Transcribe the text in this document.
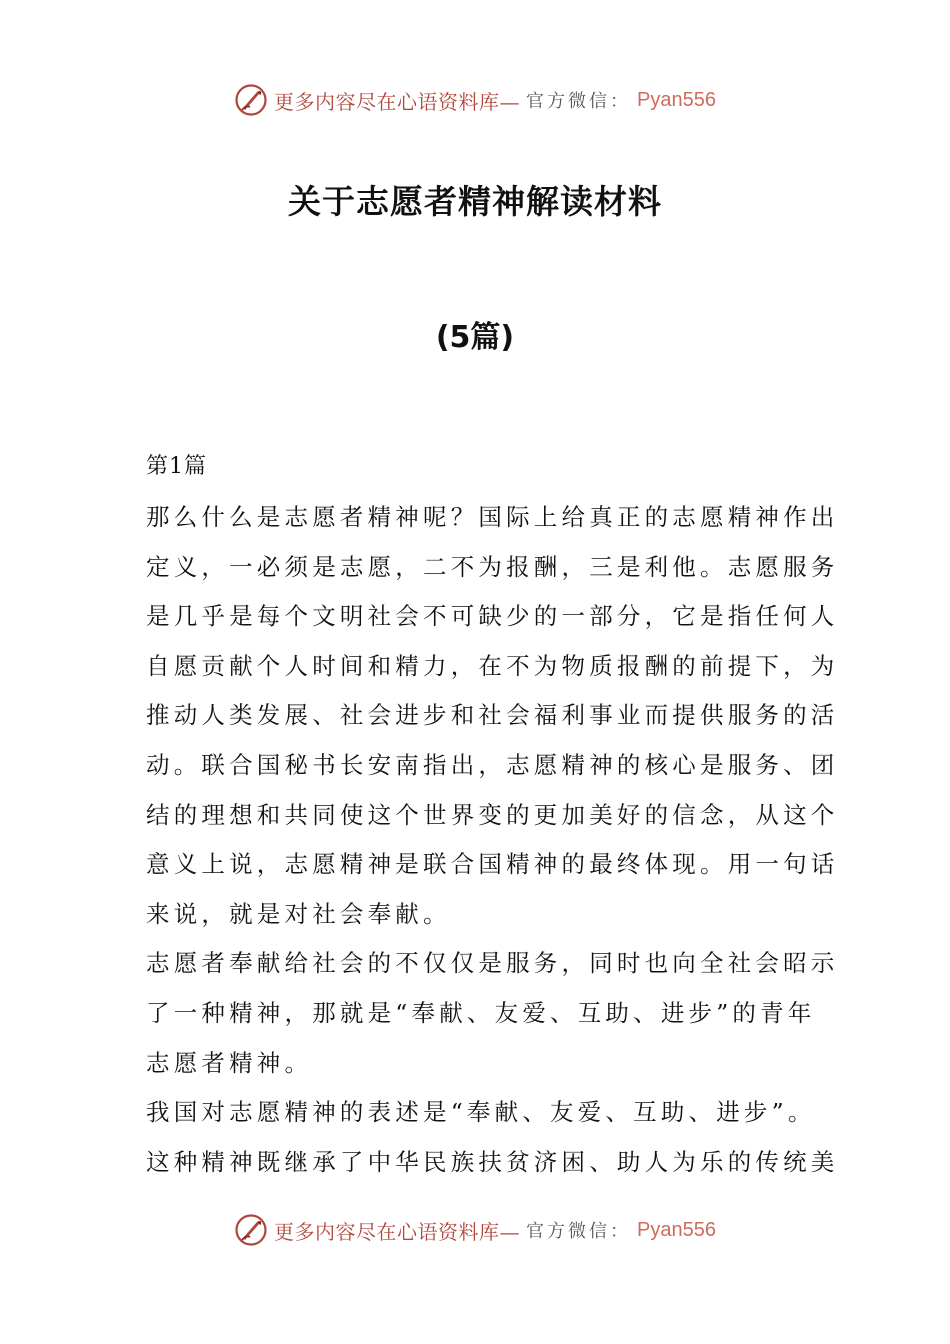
更多内容尽在心语资料库— 官方微信： Pyan556
关于志愿者精神解读材料
(5篇)
第1篇

那么什么是志愿者精神呢？国际上给真正的志愿精神作出

定义，一必须是志愿，二不为报酬，三是利他。志愿服务

是几乎是每个文明社会不可缺少的一部分，它是指任何人

自愿贡献个人时间和精力，在不为物质报酬的前提下，为

推动人类发展、社会进步和社会福利事业而提供服务的活

动。联合国秘书长安南指出，志愿精神的核心是服务、团

结的理想和共同使这个世界变的更加美好的信念，从这个

意义上说，志愿精神是联合国精神的最终体现。用一句话

来说，就是对社会奉献。

志愿者奉献给社会的不仅仅是服务，同时也向全社会昭示

了一种精神，那就是“奉献、友爱、互助、进步”的青年

志愿者精神。

我国对志愿精神的表述是“奉献、友爱、互助、进步”。

这种精神既继承了中华民族扶贫济困、助人为乐的传统美

更多内容尽在心语资料库— 官方微信： Pyan556
